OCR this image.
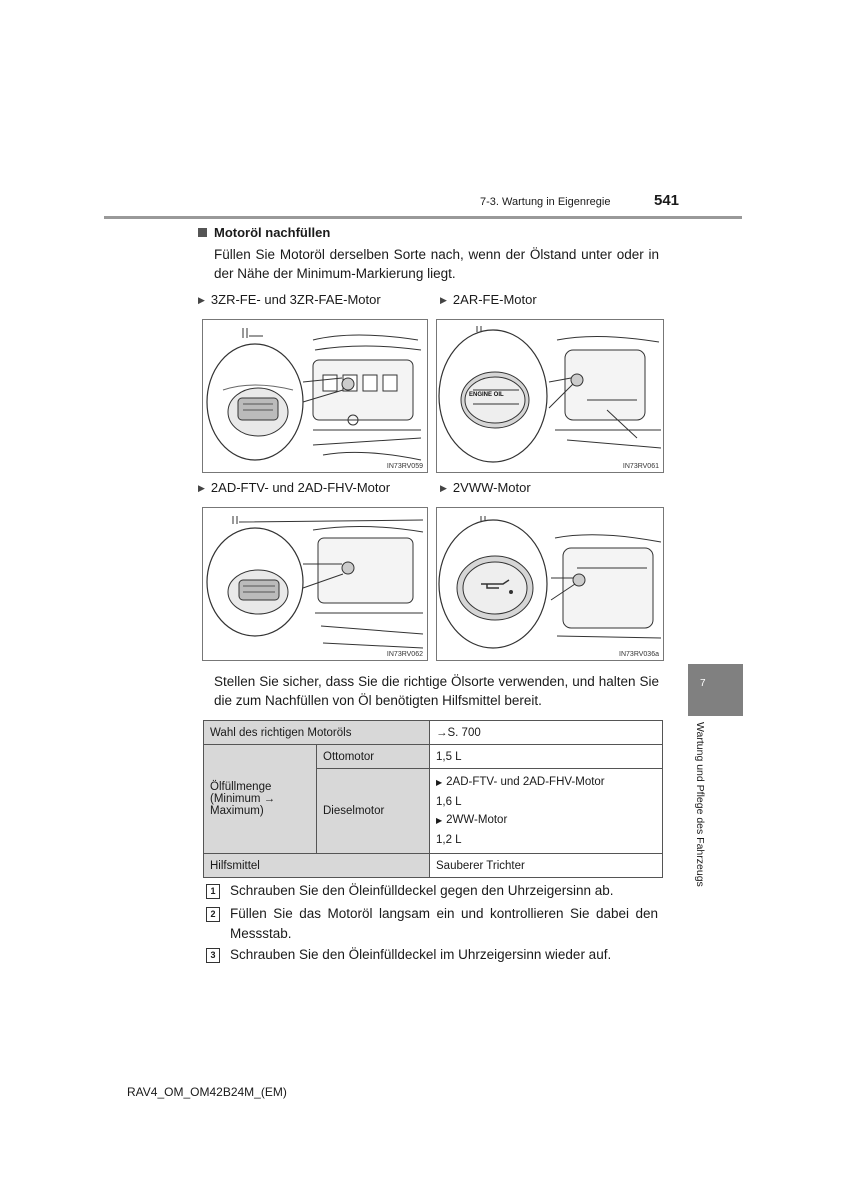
7-3. Wartung in Eigenregie	541
Motoröl nachfüllen
Füllen Sie Motoröl derselben Sorte nach, wenn der Ölstand unter oder in der Nähe der Minimum-Markierung liegt.
▶ 3ZR-FE- und 3ZR-FAE-Motor	▶ 2AR-FE-Motor
IN73RV059
ENGINE OIL
IN73RV061
▶ 2AD-FTV- und 2AD-FHV-Motor	▶ 2VWW-Motor
IN73RV062	IN73RV036a
Stellen Sie sicher, dass Sie die richtige Ölsorte verwenden, und halten Sie die zum Nachfüllen von Öl benötigten Hilfsmittel bereit.
Wahl des richtigen Motoröls		→S. 700
Ölfüllmenge (Minimum → Maximum)	Ottomotor	1,5 L
	Dieselmotor	▶ 2AD-FTV- und 2AD-FHV-Motor
1,6 L
▶ 2WW-Motor
1,2 L

Hilfsmittel		Sauberer Trichter
1	Schrauben Sie den Öleinfülldeckel gegen den Uhrzeigersinn ab.
2	Füllen Sie das Motoröl langsam ein und kontrollieren Sie dabei den Messstab.
3	Schrauben Sie den Öleinfülldeckel im Uhrzeigersinn wieder auf.
7
Wartung und Pflege des Fahrzeugs
RAV4_OM_OM42B24M_(EM)
